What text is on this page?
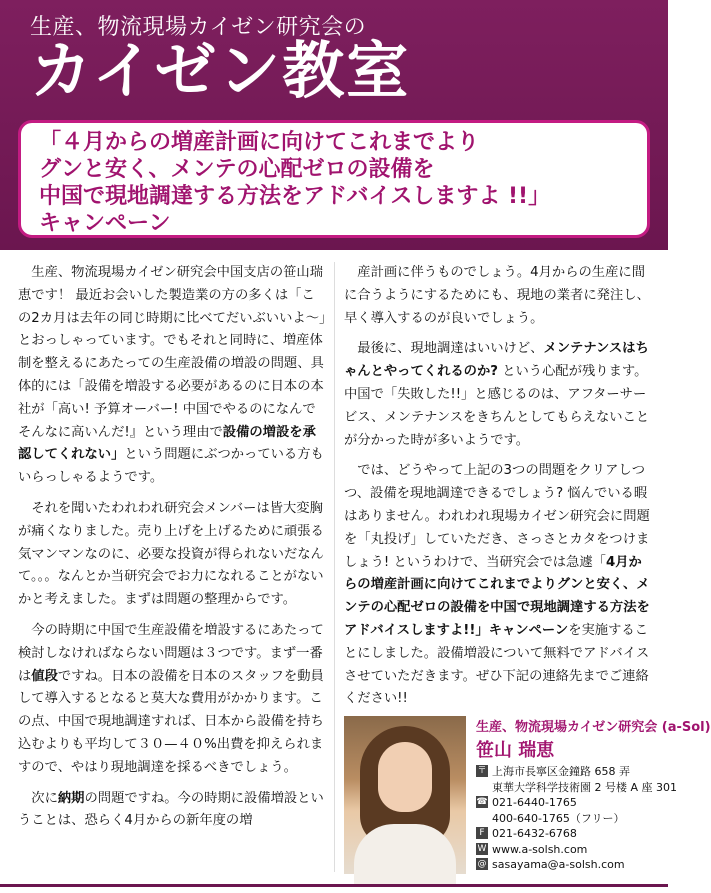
生産、物流現場カイゼン研究会の
カイゼン教室
「４月からの増産計画に向けてこれまでより
グンと安く、メンテの心配ゼロの設備を
中国で現地調達する方法をアドバイスしますよ !!」
キャンペーン

生産、物流現場カイゼン研究会中国支店の笹山瑞恵です！ 最近お会いした製造業の方の多くは「この2カ月は去年の同じ時期に比べてだいぶいいよ〜」とおっしゃっています。でもそれと同時に、増産体制を整えるにあたっての生産設備の増設の問題、具体的には「設備を増設する必要があるのに日本の本社が「高い! 予算オーバー! 中国でやるのになんでそんなに高いんだ!』という理由で設備の増設を承認してくれない」という問題にぶつかっている方もいらっしゃるようです。

それを聞いたわれわれ研究会メンバーは皆大変胸が痛くなりました。売り上げを上げるために頑張る気マンマンなのに、必要な投資が得られないだなんて。。。なんとか当研究会でお力になれることがないかと考えました。まずは問題の整理からです。

今の時期に中国で生産設備を増設するにあたって検討しなければならない問題は３つです。まず一番は値段ですね。日本の設備を日本のスタッフを動員して導入するとなると莫大な費用がかかります。この点、中国で現地調達すれば、日本から設備を持ち込むよりも平均して３０—４０%出費を抑えられますので、やはり現地調達を採るべきでしょう。

次に納期の問題ですね。今の時期に設備増設ということは、恐らく4月からの新年度の増

産計画に伴うものでしょう。4月からの生産に間に合うようにするためにも、現地の業者に発注し、早く導入するのが良いでしょう。

最後に、現地調達はいいけど、メンテナンスはちゃんとやってくれるのか? という心配が残ります。中国で「失敗した!!」と感じるのは、アフターサービス、メンテナンスをきちんとしてもらえないことが分かった時が多いようです。

では、どうやって上記の3つの問題をクリアしつつ、設備を現地調達できるでしょう? 悩んでいる暇はありません。われわれ現場カイゼン研究会に問題を「丸投げ」していただき、さっさとカタをつけましょう! というわけで、当研究会では急遽「4月からの増産計画に向けてこれまでよりグンと安く、メンテの心配ゼロの設備を中国で現地調達する方法をアドバイスしますよ!!」キャンペーンを実施することにしました。設備増設について無料でアドバイスさせていただきます。ぜひ下記の連絡先までご連絡ください!!

生産、物流現場カイゼン研究会 (a-Sol)
笹山 瑞恵
〒 上海市長寧区金鐘路 658 弄
東華大学科学技術園 2 号楼 A 座 301
☎ 021-6440-1765
400-640-1765（フリー）
F 021-6432-6768
W www.a-solsh.com
@ sasayama@a-solsh.com
